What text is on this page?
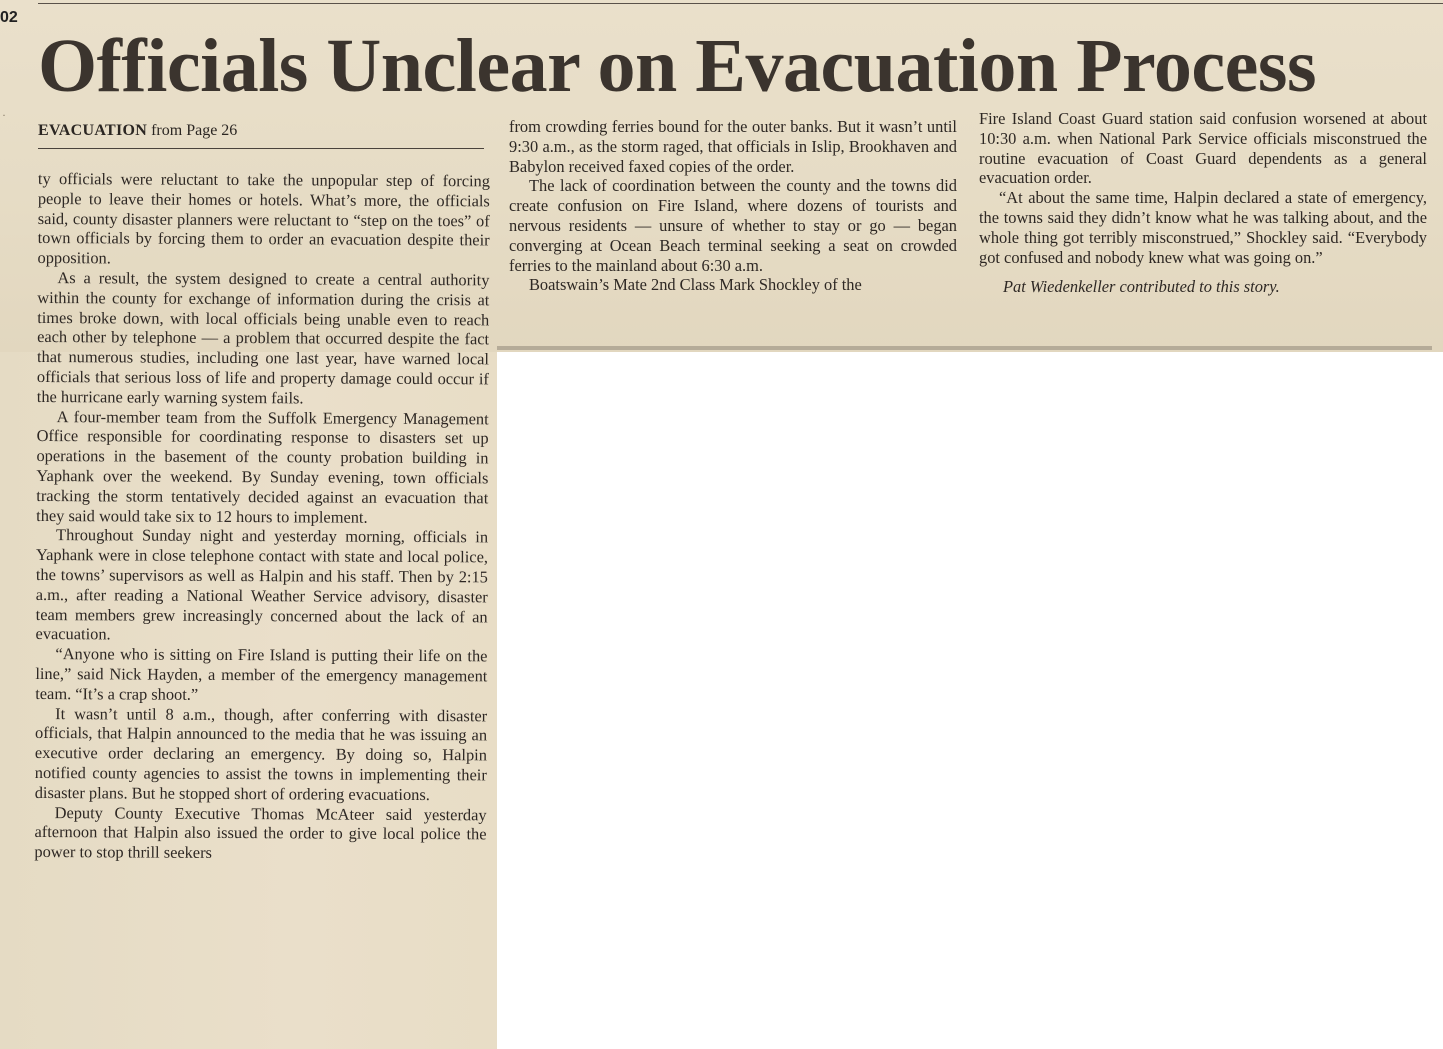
02
·
Officials Unclear on Evacuation Process
EVACUATION from Page 26

ty officials were reluctant to take the unpopular step of forcing people to leave their homes or hotels. What’s more, the officials said, county disaster planners were reluctant to “step on the toes” of town officials by forcing them to order an evacuation despite their opposition.

As a result, the system designed to create a central authority within the county for exchange of information during the crisis at times broke down, with local officials being unable even to reach each other by telephone — a problem that occurred despite the fact that numerous studies, including one last year, have warned local officials that serious loss of life and property damage could occur if the hurricane early warning system fails.

A four-member team from the Suffolk Emergency Management Office responsible for coordinating response to disasters set up operations in the basement of the county probation building in Yaphank over the weekend. By Sunday evening, town officials tracking the storm tentatively decided against an evacuation that they said would take six to 12 hours to implement.

Throughout Sunday night and yesterday morning, officials in Yaphank were in close telephone contact with state and local police, the towns’ supervisors as well as Halpin and his staff. Then by 2:15 a.m., after reading a National Weather Service advisory, disaster team members grew increasingly concerned about the lack of an evacuation.

“Anyone who is sitting on Fire Island is putting their life on the line,” said Nick Hayden, a member of the emergency management team. “It’s a crap shoot.”

It wasn’t until 8 a.m., though, after conferring with disaster officials, that Halpin announced to the media that he was issuing an executive order declaring an emergency. By doing so, Halpin notified county agencies to assist the towns in implementing their disaster plans. But he stopped short of ordering evacuations.

Deputy County Executive Thomas McAteer said yesterday afternoon that Halpin also issued the order to give local police the power to stop thrill seekers

from crowding ferries bound for the outer banks. But it wasn’t until 9:30 a.m., as the storm raged, that officials in Islip, Brookhaven and Babylon received faxed copies of the order.

The lack of coordination between the county and the towns did create confusion on Fire Island, where dozens of tourists and nervous residents — unsure of whether to stay or go — began converging at Ocean Beach terminal seeking a seat on crowded ferries to the mainland about 6:30 a.m.

Boatswain’s Mate 2nd Class Mark Shockley of the

Fire Island Coast Guard station said confusion worsened at about 10:30 a.m. when National Park Service officials misconstrued the routine evacuation of Coast Guard dependents as a general evacuation order.

“At about the same time, Halpin declared a state of emergency, the towns said they didn’t know what he was talking about, and the whole thing got terribly misconstrued,” Shockley said. “Everybody got confused and nobody knew what was going on.”

Pat Wiedenkeller contributed to this story.
